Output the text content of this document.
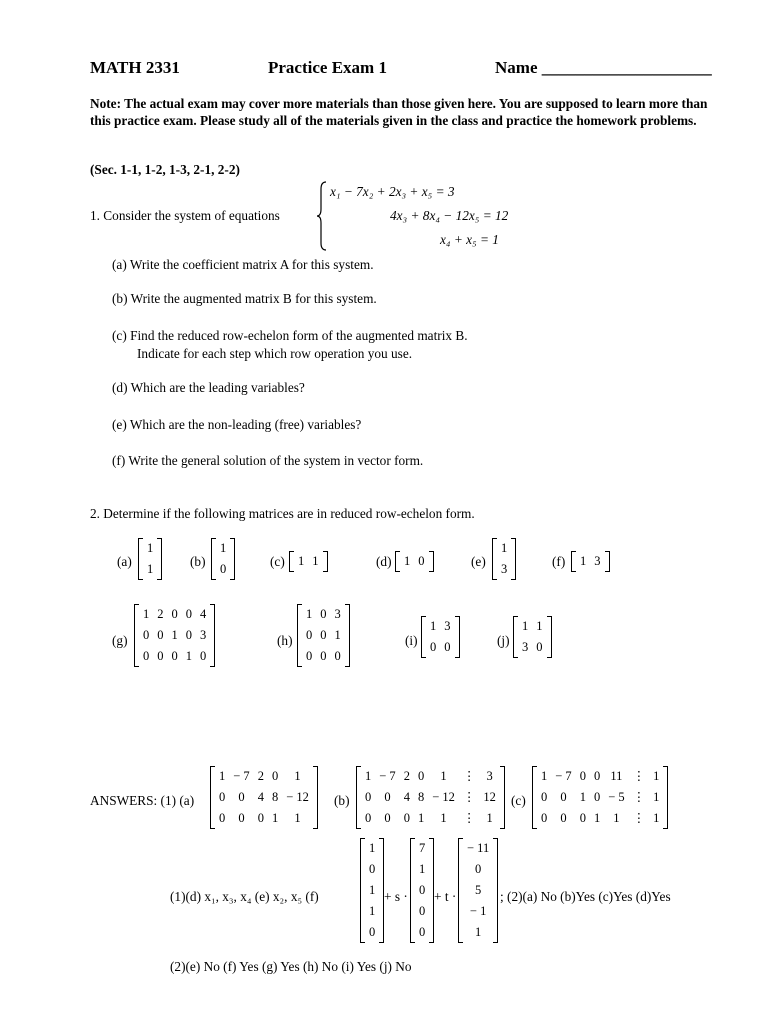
MATH 2331	Practice Exam 1	Name ____________________
Note: The actual exam may cover more materials than those given here. You are supposed to learn more than this practice exam. Please study all of the materials given in the class and practice the homework problems.
(Sec. 1-1, 1-2, 1-3, 2-1, 2-2)
1. Consider the system of equations
x₁ − 7x₂ + 2x₃ + x₅ = 3
4x₃ + 8x₄ − 12x₅ = 12
x₄ + x₅ = 1
(a) Write the coefficient matrix A for this system.
(b) Write the augmented matrix B for this system.
(c) Find the reduced row-echelon form of the augmented matrix B.
Indicate for each step which row operation you use.
(d) Which are the leading variables?
(e) Which are the non-leading (free) variables?
(f) Write the general solution of the system in vector form.
2. Determine if the following matrices are in reduced row-echelon form.
(a)
1
1	(b)
1
0	(c) 1	1	(d) 1	0	(e)
1
3	(f) 1	3
(g)
1	2	0	0	4
0	0	1	0	3
0	0	0	1	0
(h)
1	0	3
0	0	1
0	0	0
(i)
1	3
0	0	(j)
1	1
3	0
ANSWERS: (1) (a)
1	− 7	2	0	1
0	0	4	8	− 12
0	0	0	1	1
(b)
1	− 7	2	0	1	⋮	3
0	0	4	8	− 12	⋮	12
0	0	0	1	1	⋮	1
(c)
1	− 7	0	0	11	⋮	1
0	0	1	0	− 5	⋮	1
0	0	0	1	1	⋮	1
(1)(d) x₁, x₃, x₄ (e) x₂, x₅ (f)
1
0
1
1
0
+ s ·
7
1
0
0
0
+ t ·
− 11
0
5
− 1
1
; (2)(a) No (b)Yes (c)Yes (d)Yes
(2)(e) No (f) Yes (g) Yes (h) No (i) Yes (j) No
